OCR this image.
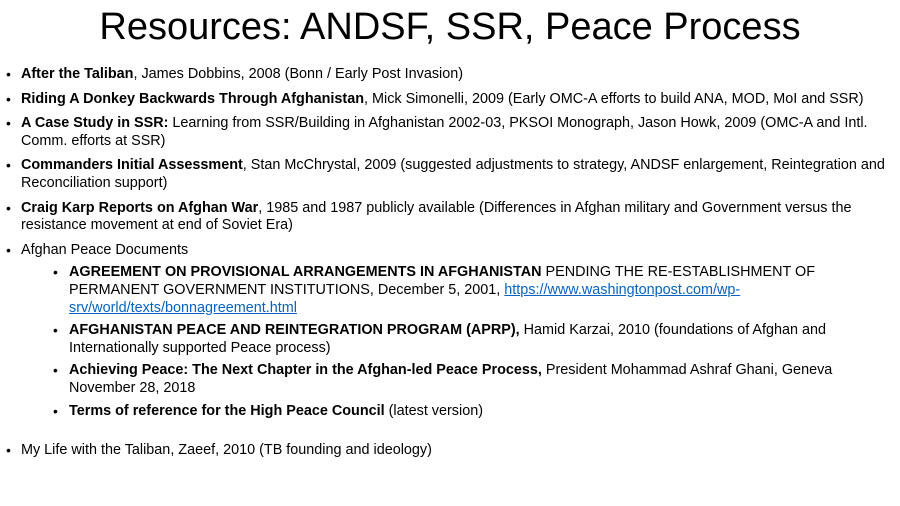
Resources: ANDSF, SSR, Peace Process
• After the Taliban, James Dobbins, 2008 (Bonn / Early Post Invasion)
• Riding A Donkey Backwards Through Afghanistan, Mick Simonelli, 2009 (Early OMC-A efforts to build ANA, MOD, MoI and SSR)
• A Case Study in SSR: Learning from SSR/Building in Afghanistan 2002-03, PKSOI Monograph, Jason Howk, 2009 (OMC-A and Intl. Comm. efforts at SSR)
• Commanders Initial Assessment, Stan McChrystal, 2009 (suggested adjustments to strategy, ANDSF enlargement, Reintegration and Reconciliation support)
• Craig Karp Reports on Afghan War, 1985 and 1987 publicly available (Differences in Afghan military and Government versus the resistance movement at end of Soviet Era)
• Afghan Peace Documents
• AGREEMENT ON PROVISIONAL ARRANGEMENTS IN AFGHANISTAN PENDING THE RE-ESTABLISHMENT OF PERMANENT GOVERNMENT INSTITUTIONS, December 5, 2001, https://www.washingtonpost.com/wp-srv/world/texts/bonnagreement.html
• AFGHANISTAN PEACE AND REINTEGRATION PROGRAM (APRP), Hamid Karzai, 2010 (foundations of Afghan and Internationally supported Peace process)
• Achieving Peace: The Next Chapter in the Afghan-led Peace Process, President Mohammad Ashraf Ghani, Geneva November 28, 2018
• Terms of reference for the High Peace Council (latest version)
• My Life with the Taliban, Zaeef, 2010 (TB founding and ideology)
